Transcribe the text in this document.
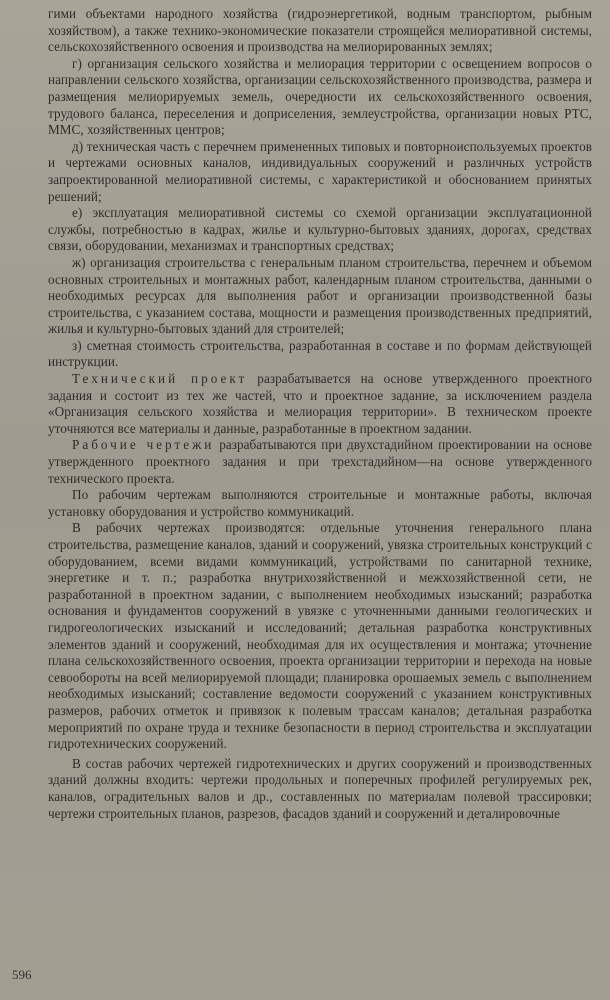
гими объектами народного хозяйства (гидроэнергетикой, водным транспортом, рыбным хозяйством), а также технико-экономические показатели строящейся мелиоративной системы, сельскохозяйственного освоения и производства на мелиорированных землях;

г) организация сельского хозяйства и мелиорация территории с освещением вопросов о направлении сельского хозяйства, организации сельскохозяйственного производства, размера и размещения мелиорируемых земель, очередности их сельскохозяйственного освоения, трудового баланса, переселения и доприселения, землеустройства, организации новых РТС, ММС, хозяйственных центров;

д) техническая часть с перечнем примененных типовых и повторноиспользуемых проектов и чертежами основных каналов, индивидуальных сооружений и различных устройств запроектированной мелиоративной системы, с характеристикой и обоснованием принятых решений;

е) эксплуатация мелиоративной системы со схемой организации эксплуатационной службы, потребностью в кадрах, жилье и культурно-бытовых зданиях, дорогах, средствах связи, оборудовании, механизмах и транспортных средствах;

ж) организация строительства с генеральным планом строительства, перечнем и объемом основных строительных и монтажных работ, календарным планом строительства, данными о необходимых ресурсах для выполнения работ и организации производственной базы строительства, с указанием состава, мощности и размещения производственных предприятий, жилья и культурно-бытовых зданий для строителей;

з) сметная стоимость строительства, разработанная в составе и по формам действующей инструкции.

Технический проект разрабатывается на основе утвержденного проектного задания и состоит из тех же частей, что и проектное задание, за исключением раздела «Организация сельского хозяйства и мелиорация территории». В техническом проекте уточняются все материалы и данные, разработанные в проектном задании.

Рабочие чертежи разрабатываются при двухстадийном проектировании на основе утвержденного проектного задания и при трехстадийном—на основе утвержденного технического проекта.

По рабочим чертежам выполняются строительные и монтажные работы, включая установку оборудования и устройство коммуникаций.

В рабочих чертежах производятся: отдельные уточнения генерального плана строительства, размещение каналов, зданий и сооружений, увязка строительных конструкций с оборудованием, всеми видами коммуникаций, устройствами по санитарной технике, энергетике и т. п.; разработка внутрихозяйственной и межхозяйственной сети, не разработанной в проектном задании, с выполнением необходимых изысканий; разработка основания и фундаментов сооружений в увязке с уточненными данными геологических и гидрогеологических изысканий и исследований; детальная разработка конструктивных элементов зданий и сооружений, необходимая для их осуществления и монтажа; уточнение плана сельскохозяйственного освоения, проекта организации территории и перехода на новые севообороты на всей мелиорируемой площади; планировка орошаемых земель с выполнением необходимых изысканий; составление ведомости сооружений с указанием конструктивных размеров, рабочих отметок и привязок к полевым трассам каналов; детальная разработка мероприятий по охране труда и технике безопасности в период строительства и эксплуатации гидротехнических сооружений.

В состав рабочих чертежей гидротехнических и других сооружений и производственных зданий должны входить: чертежи продольных и поперечных профилей регулируемых рек, каналов, оградительных валов и др., составленных по материалам полевой трассировки; чертежи строительных планов, разрезов, фасадов зданий и сооружений и деталировочные

596
